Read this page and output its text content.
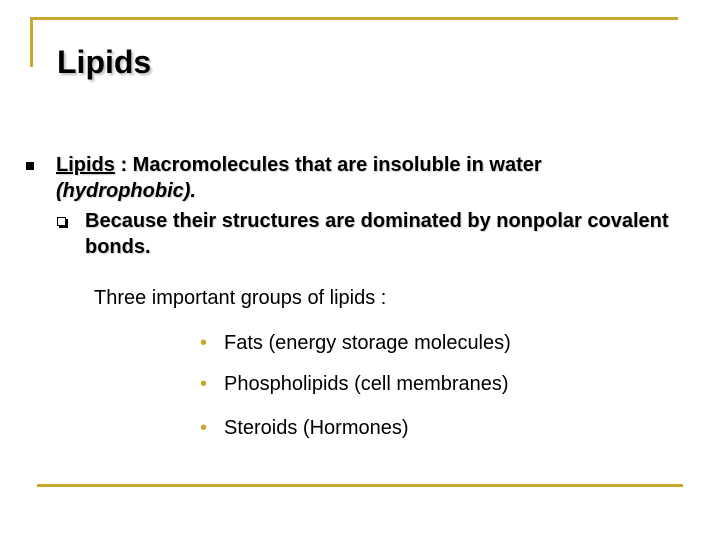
Lipids
Lipids : Macromolecules that are insoluble in water
(hydrophobic).
Because their structures are dominated by nonpolar covalent bonds.
Three important groups of lipids :
• Fats (energy storage molecules)
• Phospholipids (cell membranes)
• Steroids (Hormones)
